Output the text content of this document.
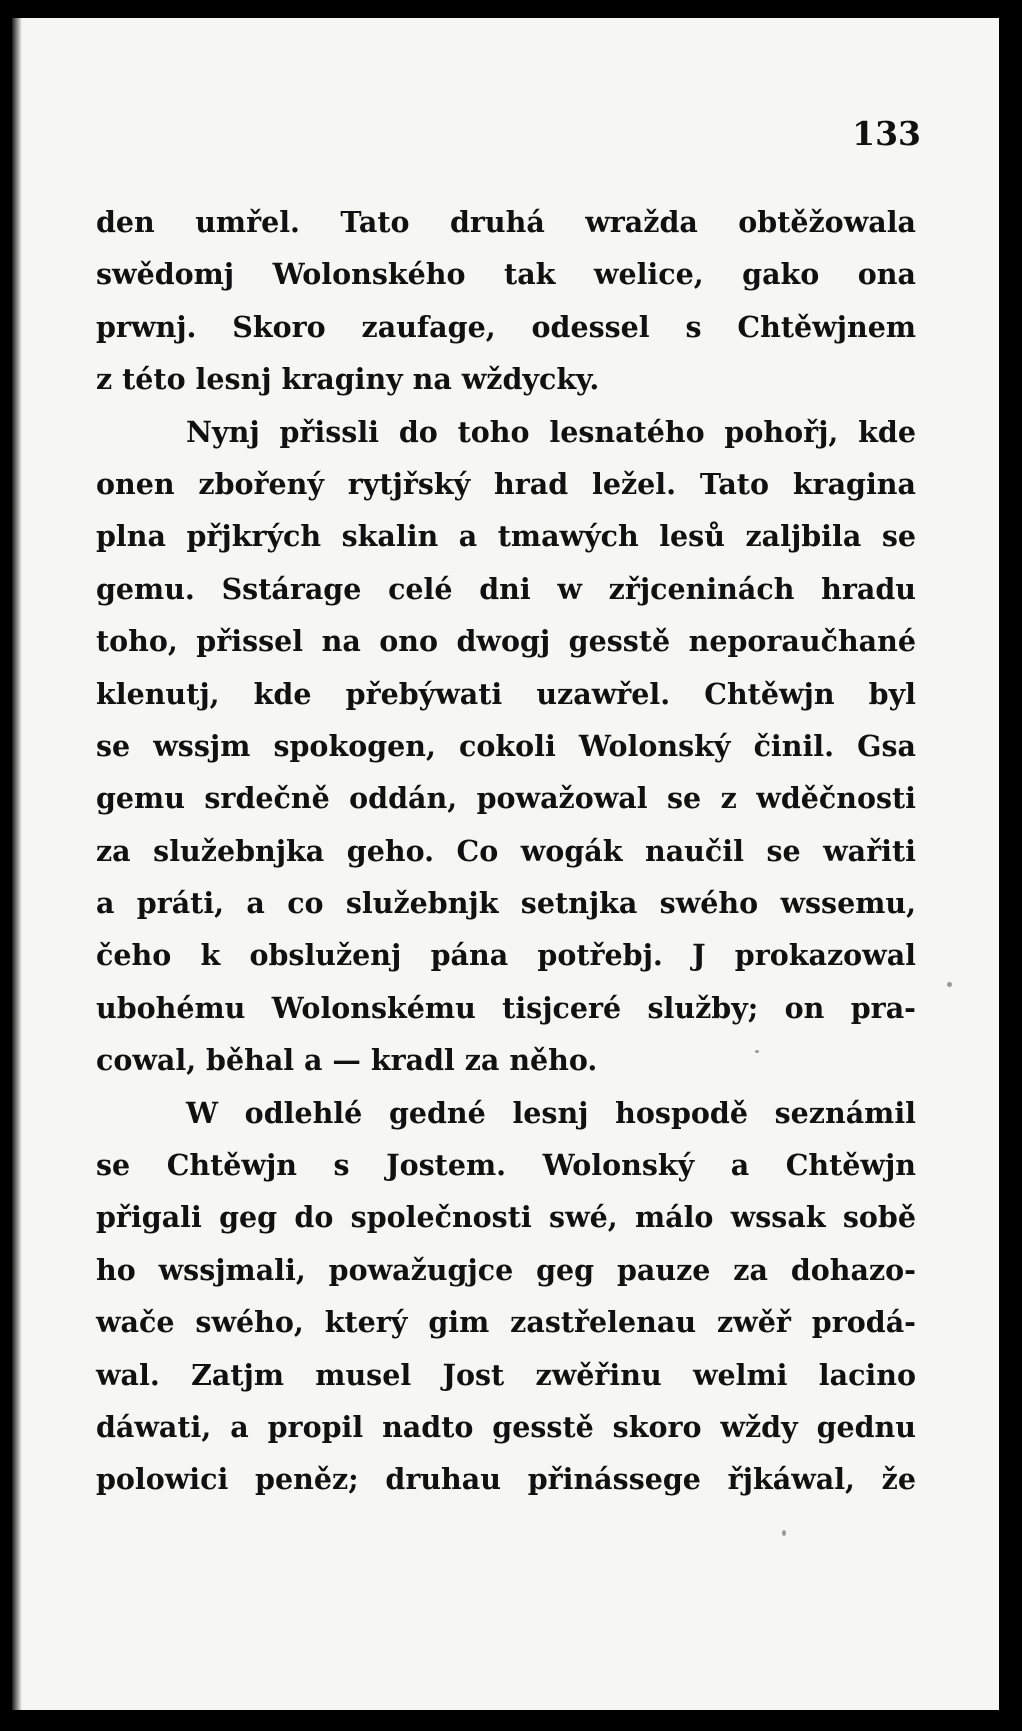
133
den umřel. Tato druhá wražda obtěžowala
swědomj Wolonského tak welice, gako ona
prwnj. Skoro zaufage, odessel s Chtěwjnem
z této lesnj kraginy na wždycky.
Nynj přissli do toho lesnatého pohořj, kde
onen zbořený rytjřský hrad ležel. Tato kragina
plna přjkrých skalin a tmawých lesů zaljbila se
gemu. Sstárage celé dni w zřjceninách hradu
toho, přissel na ono dwogj gesstě neporaučhané
klenutj, kde přebýwati uzawřel. Chtěwjn byl
se wssjm spokogen, cokoli Wolonský činil. Gsa
gemu srdečně oddán, powažowal se z wděčnosti
za služebnjka geho. Co wogák naučil se wařiti
a práti, a co služebnjk setnjka swého wssemu,
čeho k obsluženj pána potřebj. J prokazowal
ubohému Wolonskému tisjceré služby; on pra-
cowal, běhal a — kradl za něho.
W odlehlé gedné lesnj hospodě seznámil
se Chtěwjn s Jostem. Wolonský a Chtěwjn
přigali geg do společnosti swé, málo wssak sobě
ho wssjmali, powažugjce geg pauze za dohazo-
wače swého, který gim zastřelenau zwěř prodá-
wal. Zatjm musel Jost zwěřinu welmi lacino
dáwati, a propil nadto gesstě skoro wždy gednu
polowici peněz; druhau přinássege řjkáwal, že
